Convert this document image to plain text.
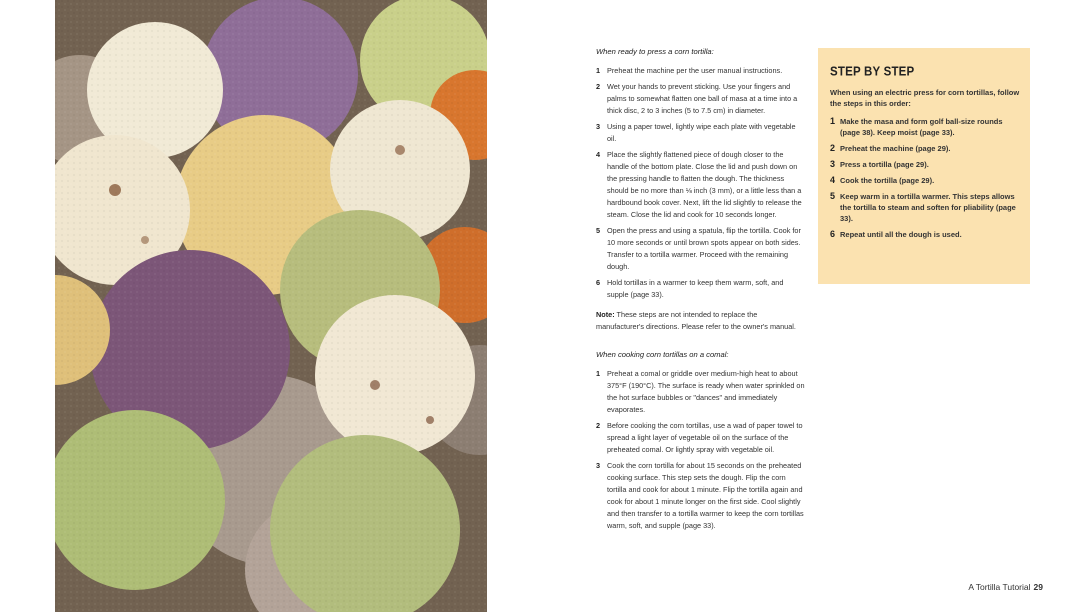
When ready to press a corn tortilla:
1 Preheat the machine per the user manual instructions.
2 Wet your hands to prevent sticking. Use your fingers and palms to somewhat flatten one ball of masa at a time into a thick disc, 2 to 3 inches (5 to 7.5 cm) in diameter.
3 Using a paper towel, lightly wipe each plate with vegetable oil.
4 Place the slightly flattened piece of dough closer to the handle of the bottom plate. Close the lid and push down on the pressing handle to flatten the dough. The thickness should be no more than ⅛ inch (3 mm), or a little less than a hardbound book cover. Next, lift the lid slightly to release the steam. Close the lid and cook for 10 seconds longer.
5 Open the press and using a spatula, flip the tortilla. Cook for 10 more seconds or until brown spots appear on both sides. Transfer to a tortilla warmer. Proceed with the remaining dough.
6 Hold tortillas in a warmer to keep them warm, soft, and supple (page 33).
Note: These steps are not intended to replace the manufacturer's directions. Please refer to the owner's manual.
When cooking corn tortillas on a comal:
1 Preheat a comal or griddle over medium-high heat to about 375°F (190°C). The surface is ready when water sprinkled on the hot surface bubbles or "dances" and immediately evaporates.
2 Before cooking the corn tortillas, use a wad of paper towel to spread a light layer of vegetable oil on the surface of the preheated comal. Or lightly spray with vegetable oil.
3 Cook the corn tortilla for about 15 seconds on the preheated cooking surface. This step sets the dough. Flip the corn tortilla and cook for about 1 minute. Flip the tortilla again and cook for about 1 minute longer on the first side. Cool slightly and then transfer to a tortilla warmer to keep the corn tortillas warm, soft, and supple (page 33).
STEP BY STEP
When using an electric press for corn tortillas, follow the steps in this order:
1 Make the masa and form golf ball-size rounds (page 38). Keep moist (page 33).
2 Preheat the machine (page 29).
3 Press a tortilla (page 29).
4 Cook the tortilla (page 29).
5 Keep warm in a tortilla warmer. This steps allows the tortilla to steam and soften for pliability (page 33).
6 Repeat until all the dough is used.
A Tortilla Tutorial 29
